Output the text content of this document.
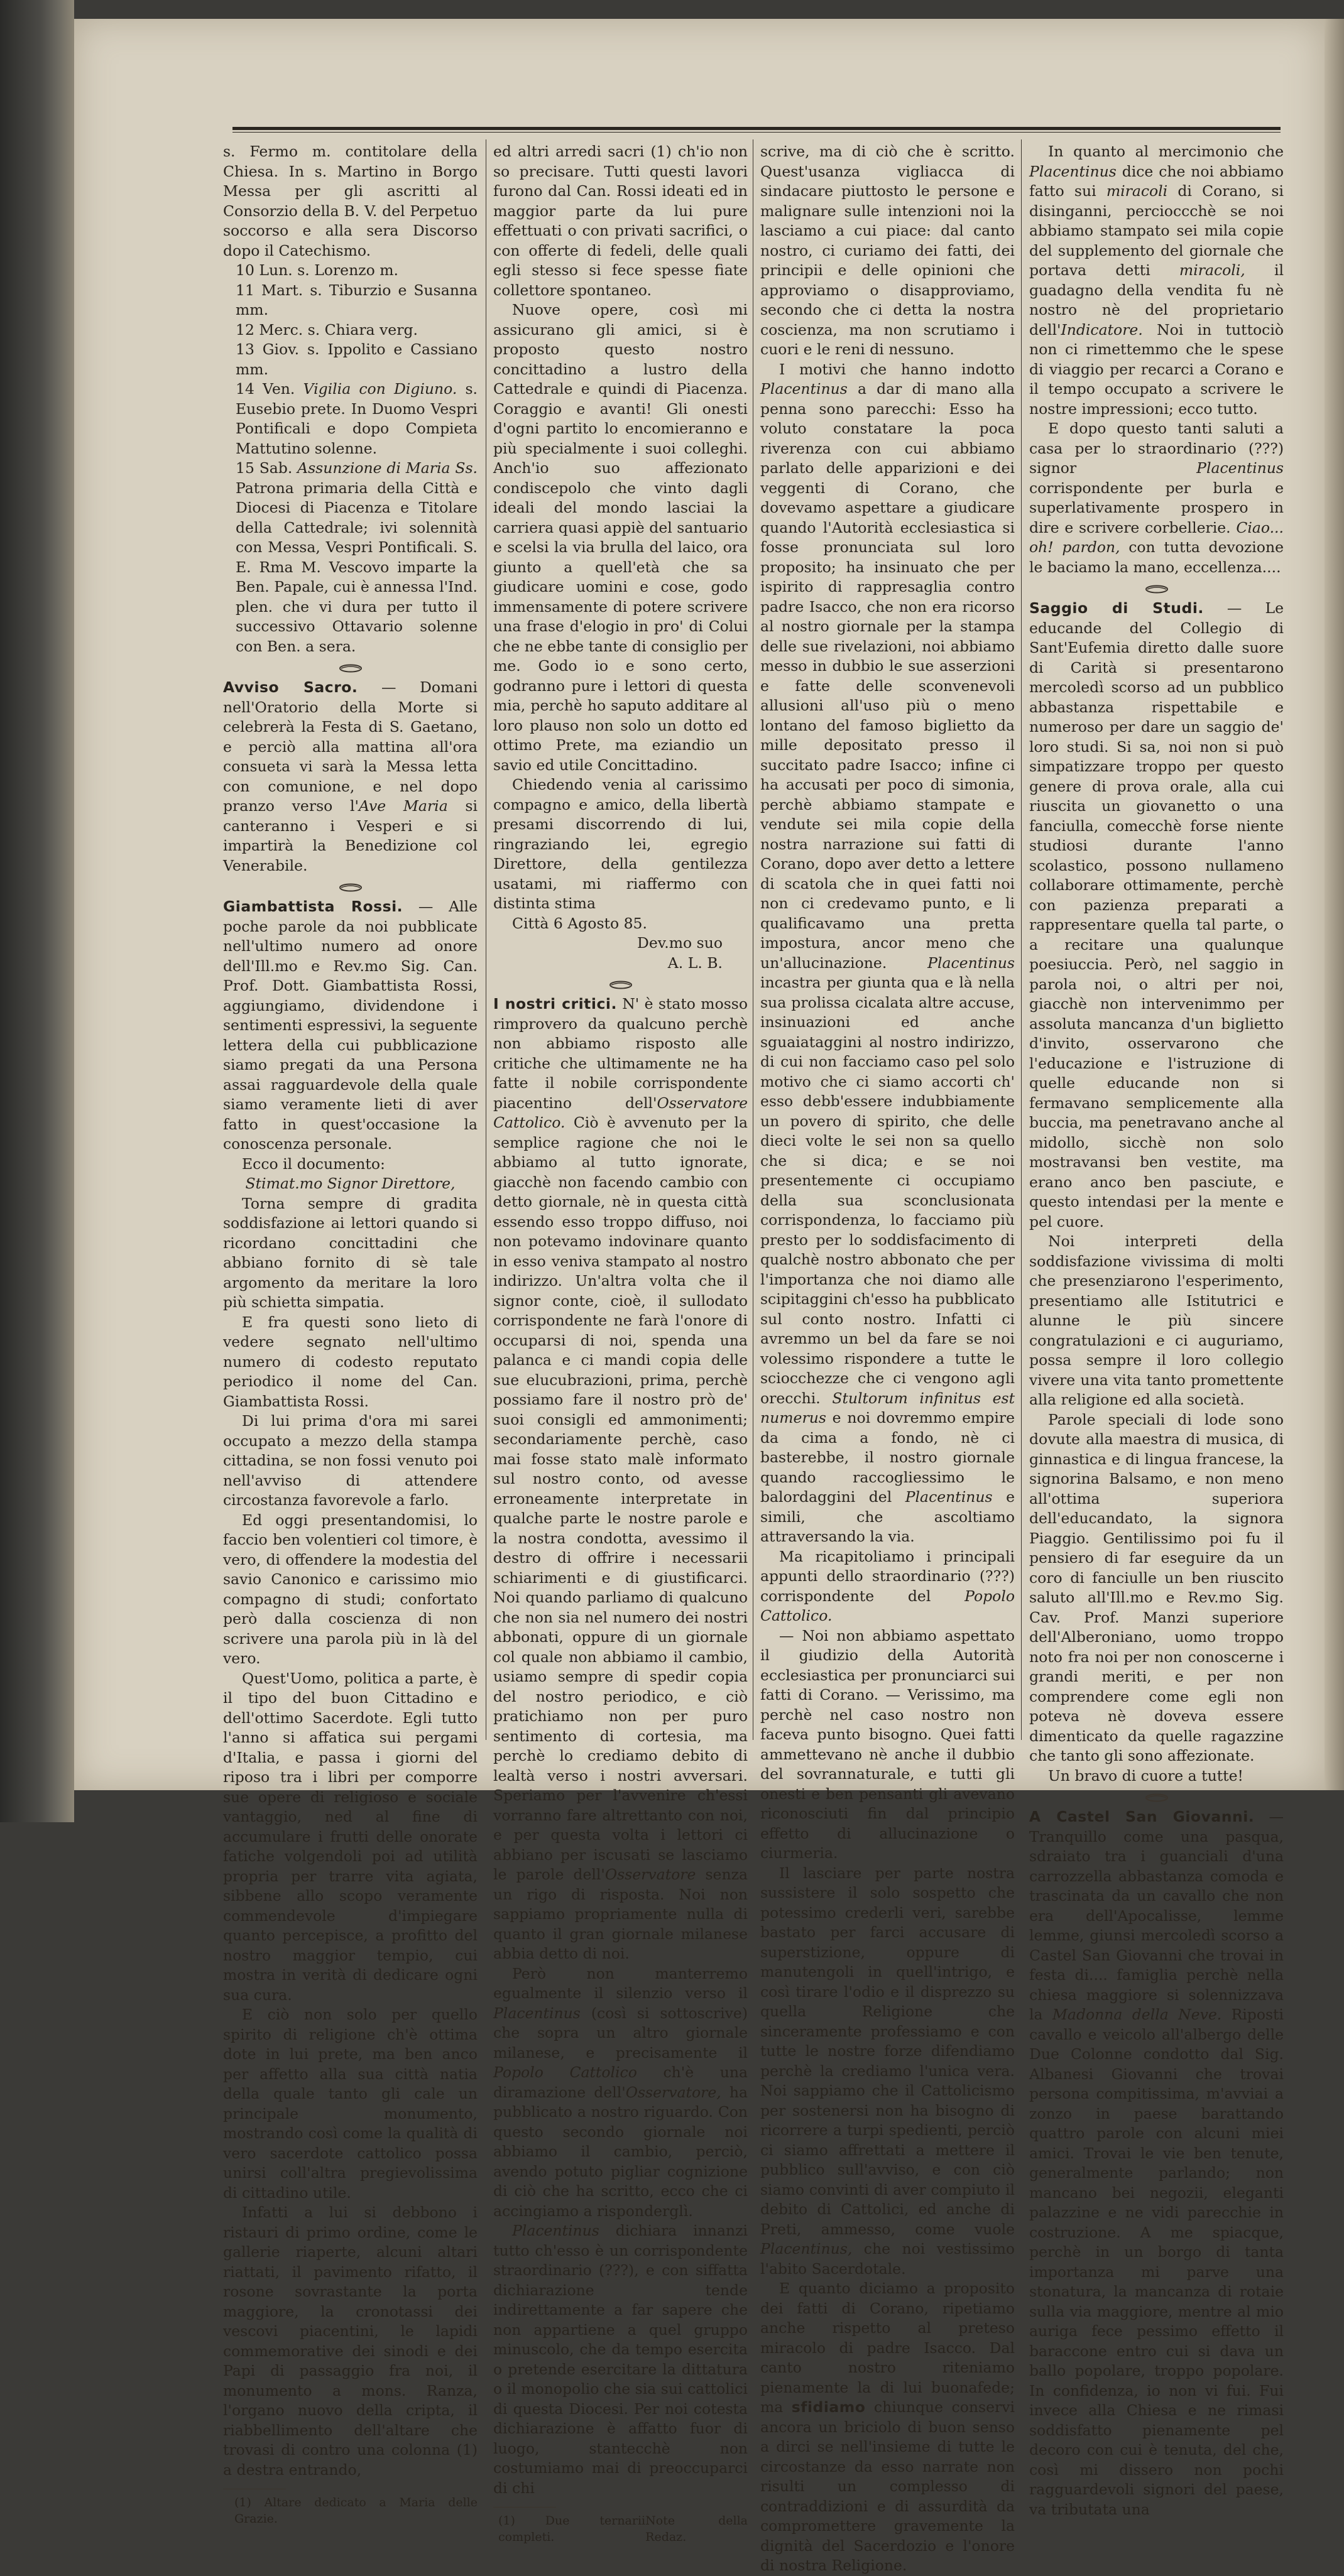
s. Fermo m. contitolare della Chiesa. In s. Martino in Borgo Messa per gli ascritti al Consorzio della B. V. del Perpetuo soccorso e alla sera Discorso dopo il Catechismo.

10 Lun. s. Lorenzo m.

11 Mart. s. Tiburzio e Susanna mm.

12 Merc. s. Chiara verg.

13 Giov. s. Ippolito e Cassiano mm.

14 Ven. Vigilia con Digiuno. s. Eusebio prete. In Duomo Vespri Pontificali e dopo Compieta Mattutino solenne.

15 Sab. Assunzione di Maria Ss. Patrona primaria della Città e Diocesi di Piacenza e Titolare della Cattedrale; ivi solennità con Messa, Vespri Pontificali. S. E. Rma M. Vescovo imparte la Ben. Papale, cui è annessa l'Ind. plen. che vi dura per tutto il successivo Ottavario solenne con Ben. a sera.

Avviso Sacro. — Domani nell'Oratorio della Morte si celebrerà la Festa di S. Gaetano, e perciò alla mattina all'ora consueta vi sarà la Messa letta con comunione, e nel dopo pranzo verso l'Ave Maria si canteranno i Vesperi e si impartirà la Benedizione col Venerabile.

Giambattista Rossi. — Alle poche parole da noi pubblicate nell'ultimo numero ad onore dell'Ill.mo e Rev.mo Sig. Can. Prof. Dott. Giambattista Rossi, aggiungiamo, dividendone i sentimenti espressivi, la seguente lettera della cui pubblicazione siamo pregati da una Persona assai ragguardevole della quale siamo veramente lieti di aver fatto in quest'occasione la conoscenza personale.

Ecco il documento:

Stimat.mo Signor Direttore,

Torna sempre di gradita soddisfazione ai lettori quando si ricordano concittadini che abbiano fornito di sè tale argomento da meritare la loro più schietta simpatia.

E fra questi sono lieto di vedere segnato nell'ultimo numero di codesto reputato periodico il nome del Can. Giambattista Rossi.

Di lui prima d'ora mi sarei occupato a mezzo della stampa cittadina, se non fossi venuto poi nell'avviso di attendere circostanza favorevole a farlo.

Ed oggi presentandomisi, lo faccio ben volentieri col timore, è vero, di offendere la modestia del savio Canonico e carissimo mio compagno di studi; confortato però dalla coscienza di non scrivere una parola più in là del vero.

Quest'Uomo, politica a parte, è il tipo del buon Cittadino e dell'ottimo Sacerdote. Egli tutto l'anno si affatica sui pergami d'Italia, e passa i giorni del riposo tra i libri per comporre sue opere di religioso e sociale vantaggio, ned al fine di accumulare i frutti delle onorate fatiche volgendoli poi ad utilità propria per trarre vita agiata, sibbene allo scopo veramente commendevole d'impiegare quanto percepisce, a profitto del nostro maggior tempio, cui mostra in verità di dedicare ogni sua cura.

E ciò non solo per quello spirito di religione ch'è ottima dote in lui prete, ma ben anco per affetto alla sua città natia della quale tanto gli cale un principale monumento, mostrando così come la qualità di vero sacerdote cattolico possa unirsi coll'altra pregievolissima di cittadino utile.

Infatti a lui si debbono i ristauri di primo ordine, come le gallerie riaperte, alcuni altari riattati, il pavimento rifatto, il rosone sovrastante la porta maggiore, la cronotassi dei vescovi piacentini, le lapidi commemorative dei sinodi e dei Papi di passaggio fra noi, il monumento a mons. Ranza, l'organo nuovo della cripta, il riabbellimento dell'altare che trovasi di contro una colonna (1) a destra entrando,

(1) Altare dedicato a Maria delle Grazie.

ed altri arredi sacri (1) ch'io non so precisare. Tutti questi lavori furono dal Can. Rossi ideati ed in maggior parte da lui pure effettuati o con privati sacrifici, o con offerte di fedeli, delle quali egli stesso si fece spesse fiate collettore spontaneo.

Nuove opere, così mi assicurano gli amici, si è proposto questo nostro concittadino a lustro della Cattedrale e quindi di Piacenza. Coraggio e avanti! Gli onesti d'ogni partito lo encomieranno e più specialmente i suoi colleghi. Anch'io suo affezionato condiscepolo che vinto dagli ideali del mondo lasciai la carriera quasi appiè del santuario e scelsi la via brulla del laico, ora giunto a quell'età che sa giudicare uomini e cose, godo immensamente di potere scrivere una frase d'elogio in pro' di Colui che ne ebbe tante di consiglio per me. Godo io e sono certo, godranno pure i lettori di questa mia, perchè ho saputo additare al loro plauso non solo un dotto ed ottimo Prete, ma eziandio un savio ed utile Concittadino.

Chiedendo venia al carissimo compagno e amico, della libertà presami discorrendo di lui, ringraziando lei, egregio Direttore, della gentilezza usatami, mi riaffermo con distinta stima

Città 6 Agosto 85.

Dev.mo suo

A. L. B.

I nostri critici. N' è stato mosso rimprovero da qualcuno perchè non abbiamo risposto alle critiche che ultimamente ne ha fatte il nobile corrispondente piacentino dell'Osservatore Cattolico. Ciò è avvenuto per la semplice ragione che noi le abbiamo al tutto ignorate, giacchè non facendo cambio con detto giornale, nè in questa città essendo esso troppo diffuso, noi non potevamo indovinare quanto in esso veniva stampato al nostro indirizzo. Un'altra volta che il signor conte, cioè, il sullodato corrispondente ne farà l'onore di occuparsi di noi, spenda una palanca e ci mandi copia delle sue elucubrazioni, prima, perchè possiamo fare il nostro prò de' suoi consigli ed ammonimenti; secondariamente perchè, caso mai fosse stato malè informato sul nostro conto, od avesse erroneamente interpretate in qualche parte le nostre parole e la nostra condotta, avessimo il destro di offrire i necessarii schiarimenti e di giustificarci. Noi quando parliamo di qualcuno che non sia nel numero dei nostri abbonati, oppure di un giornale col quale non abbiamo il cambio, usiamo sempre di spedir copia del nostro periodico, e ciò pratichiamo non per puro sentimento di cortesia, ma perchè lo crediamo debito di lealtà verso i nostri avversari. Speriamo per l'avvenire ch'essi vorranno fare altrettanto con noi, e per questa volta i lettori ci abbiano per iscusati se lasciamo le parole dell'Osservatore senza un rigo di risposta. Noi non sappiamo propriamente nulla di quanto il gran giornale milanese abbia detto di noi.

Però non manterremo egualmente il silenzio verso il Placentinus (così si sottoscrive) che sopra un altro giornale milanese, e precisamente il Popolo Cattolico ch'è una diramazione dell'Osservatore, ha pubblicato a nostro riguardo. Con questo secondo giornale noi abbiamo il cambio, perciò, avendo potuto pigliar cognizione di ciò che ha scritto, ecco che ci accingiamo a risponderglì.

Placentinus dichiara innanzi tutto ch'esso è un corrispondente straordinario (???), e con siffatta dichiarazione tende indirettamente a far sapere che non appartiene a quel gruppo minuscolo, che da tempo esercita o pretende esercitare la dittatura o il monopolio che sia sui cattolici di questa Diocesi. Per noi cotesta dichiarazione è affatto fuor di luogo, stantecchè non costumiamo mai di preoccuparci di chi

(1) Due ternarii completi.
Note della Redaz.

scrive, ma di ciò che è scritto. Quest'usanza vigliacca di sindacare piuttosto le persone e malignare sulle intenzioni noi la lasciamo a cui piace: dal canto nostro, ci curiamo dei fatti, dei principii e delle opinioni che approviamo o disapproviamo, secondo che ci detta la nostra coscienza, ma non scrutiamo i cuori e le reni di nessuno.

I motivi che hanno indotto Placentinus a dar di mano alla penna sono parecchi: Esso ha voluto constatare la poca riverenza con cui abbiamo parlato delle apparizioni e dei veggenti di Corano, che dovevamo aspettare a giudicare quando l'Autorità ecclesiastica si fosse pronunciata sul loro proposito; ha insinuato che per ispirito di rappresaglia contro padre Isacco, che non era ricorso al nostro giornale per la stampa delle sue rivelazioni, noi abbiamo messo in dubbio le sue asserzioni e fatte delle sconvenevoli allusioni all'uso più o meno lontano del famoso biglietto da mille depositato presso il succitato padre Isacco; infine ci ha accusati per poco di simonia, perchè abbiamo stampate e vendute sei mila copie della nostra narrazione sui fatti di Corano, dopo aver detto a lettere di scatola che in quei fatti noi non ci credevamo punto, e li qualificavamo una pretta impostura, ancor meno che un'allucinazione. Placentinus incastra per giunta qua e là nella sua prolissa cicalata altre accuse, insinuazioni ed anche sguaiataggini al nostro indirizzo, di cui non facciamo caso pel solo motivo che ci siamo accorti ch' esso debb'essere indubbiamente un povero di spirito, che delle dieci volte le sei non sa quello che si dica; e se noi presentemente ci occupiamo della sua sconclusionata corrispondenza, lo facciamo più presto per lo soddisfacimento di qualchè nostro abbonato che per l'importanza che noi diamo alle scipitaggini ch'esso ha pubblicato sul conto nostro. Infatti ci avremmo un bel da fare se noi volessimo rispondere a tutte le sciocchezze che ci vengono agli orecchi. Stultorum infinitus est numerus e noi dovremmo empire da cima a fondo, nè ci basterebbe, il nostro giornale quando raccogliessimo le balordaggini del Placentinus e simili, che ascoltiamo attraversando la via.

Ma ricapitoliamo i principali appunti dello straordinario (???) corrispondente del Popolo Cattolico.

— Noi non abbiamo aspettato il giudizio della Autorità ecclesiastica per pronunciarci sui fatti di Corano. — Verissimo, ma perchè nel caso nostro non faceva punto bisogno. Quei fatti ammettevano nè anche il dubbio del sovrannaturale, e tutti gli onesti e ben pensanti gli avevano riconosciuti fin dal principio effetto di allucinazione o ciurmeria.

Il lasciare per parte nostra sussistere il solo sospetto che potessimo crederli veri, sarebbe bastato per farci accusare di superstizione, oppure di manutengoli in quell'intrigo, e così tirare l'odio e il disprezzo su quella Religione che sinceramente professiamo e con tutte le nostre forze difendiamo perchè la crediamo l'unica vera. Noi sappiamo che il Cattolicismo per sostenersi non ha bisogno di ricorrere a turpi spedienti, perciò ci siamo affrettati a mettere il pubblico sull'avviso, e con ciò siamo convinti di aver compiuto il debito di Cattolici, ed anche di Preti, ammesso, come vuole Placentinus, che noi vestissimo l'abito Sacerdotale.

E quanto diciamo a proposito dei fatti di Corano, ripetiamo anche rispetto al preteso miracolo di padre Isacco. Dal canto nostro riteniamo pienamente la di lui buonafede; ma sfidiamo chiunque conservi ancora un briciolo di buon senso a dirci se nell'insieme di tutte le circostanze da esso narrate non risulti un complesso di contraddizioni e di assurdità da compromettere gravemente la dignità del Sacerdozio e l'onore di nostra Religione.

In quanto al mercimonio che Placentinus dice che noi abbiamo fatto sui miracoli di Corano, si disinganni, percioccchè se noi abbiamo stampato sei mila copie del supplemento del giornale che portava detti miracoli, il guadagno della vendita fu nè nostro nè del proprietario dell'Indicatore. Noi in tuttociò non ci rimettemmo che le spese di viaggio per recarci a Corano e il tempo occupato a scrivere le nostre impressioni; ecco tutto.

E dopo questo tanti saluti a casa per lo straordinario (???) signor Placentinus corrispondente per burla e superlativamente prospero in dire e scrivere corbellerie. Ciao... oh! pardon, con tutta devozione le baciamo la mano, eccellenza....

Saggio di Studi. — Le educande del Collegio di Sant'Eufemia diretto dalle suore di Carità si presentarono mercoledì scorso ad un pubblico abbastanza rispettabile e numeroso per dare un saggio de' loro studi. Si sa, noi non si può simpatizzare troppo per questo genere di prova orale, alla cui riuscita un giovanetto o una fanciulla, comecchè forse niente studiosi durante l'anno scolastico, possono nullameno collaborare ottimamente, perchè con pazienza preparati a rappresentare quella tal parte, o a recitare una qualunque poesiuccia. Però, nel saggio in parola noi, o altri per noi, giacchè non intervenimmo per assoluta mancanza d'un biglietto d'invito, osservarono che l'educazione e l'istruzione di quelle educande non si fermavano semplicemente alla buccia, ma penetravano anche al midollo, sicchè non solo mostravansi ben vestite, ma erano anco ben pasciute, e questo intendasi per la mente e pel cuore.

Noi interpreti della soddisfazione vivissima di molti che presenziarono l'esperimento, presentiamo alle Istitutrici e alunne le più sincere congratulazioni e ci auguriamo, possa sempre il loro collegio vivere una vita tanto promettente alla religione ed alla società.

Parole speciali di lode sono dovute alla maestra di musica, di ginnastica e di lingua francese, la signorina Balsamo, e non meno all'ottima superiora dell'educandato, la signora Piaggio. Gentilissimo poi fu il pensiero di far eseguire da un coro di fanciulle un ben riuscito saluto all'Ill.mo e Rev.mo Sig. Cav. Prof. Manzi superiore dell'Alberoniano, uomo troppo noto fra noi per non conoscerne i grandi meriti, e per non comprendere come egli non poteva nè doveva essere dimenticato da quelle ragazzine che tanto gli sono affezionate.

Un bravo di cuore a tutte!

A Castel San Giovanni. — Tranquillo come una pasqua, sdraiato tra i guanciali d'una carrozzella abbastanza comoda e trascinata da un cavallo che non era dell'Apocalisse, lemme lemme, giunsi mercoledì scorso a Castel San Giovanni che trovai in festa di.... famiglia perchè nella chiesa maggiore si solennizzava la Madonna della Neve. Riposti cavallo e veicolo all'albergo delle Due Colonne condotto dal Sig. Albanesi Giovanni che trovai persona compitissima, m'avviai a zonzo in paese barattando quattro parole con alcuni miei amici. Trovai le vie ben tenute, generalmente parlando; non mancano bei negozii, eleganti palazzine e ne vidi parecchie in costruzione. A me spiacque, perchè in un borgo di tanta importanza mi parve una stonatura, la mancanza di rotaie sulla via maggiore, mentre al mio auriga fece pessimo effetto il baraccone entro cui si dava un ballo popolare, troppo popolare. In confidenza, io non vi fui. Fui invece alla Chiesa e ne rimasi soddisfatto pienamente pel decoro con cui è tenuta, del che, così mi dissero non pochi ragguardevoli signori del paese, va tributata una
